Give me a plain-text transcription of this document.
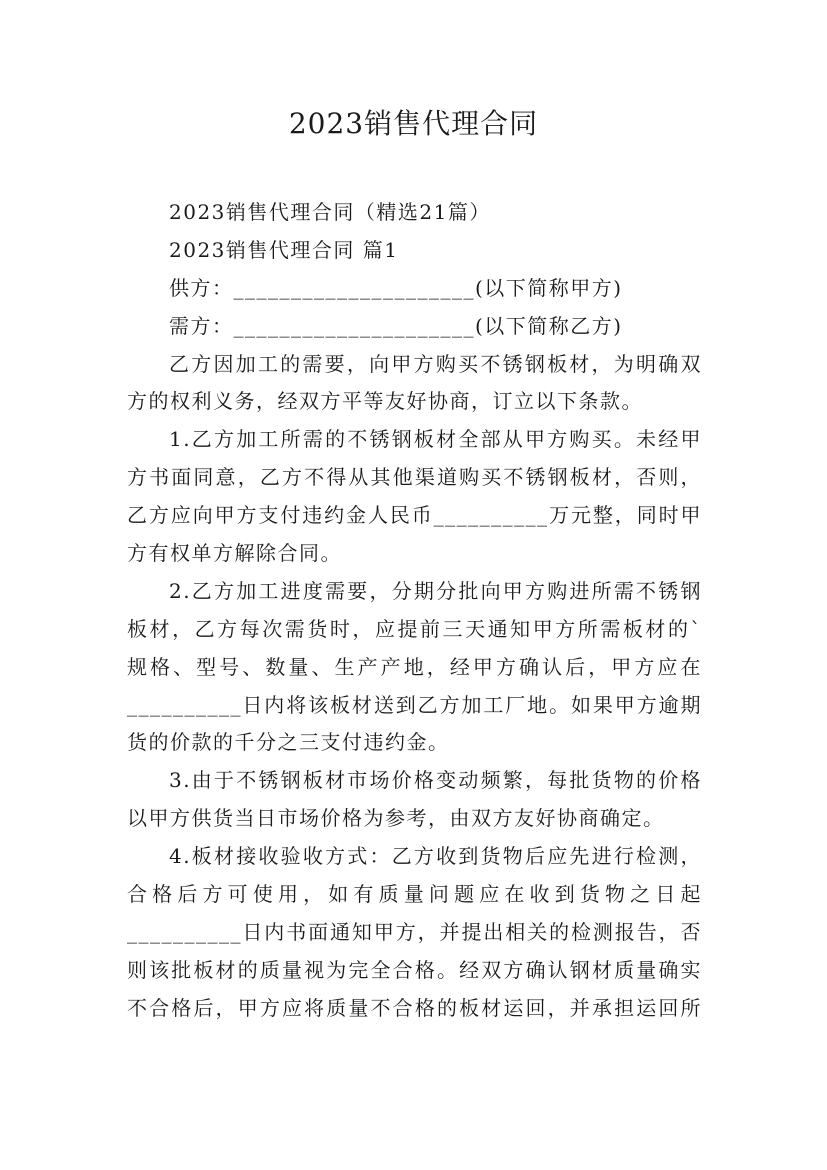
2023销售代理合同

2023销售代理合同（精选21篇）

2023销售代理合同 篇1

供方：_____________________(以下简称甲方)

需方：_____________________(以下简称乙方)

乙方因加工的需要，向甲方购买不锈钢板材，为明确双

方的权利义务，经双方平等友好协商，订立以下条款。

1.乙方加工所需的不锈钢板材全部从甲方购买。未经甲

方书面同意，乙方不得从其他渠道购买不锈钢板材，否则，

乙方应向甲方支付违约金人民币__________万元整，同时甲

方有权单方解除合同。

2.乙方加工进度需要，分期分批向甲方购进所需不锈钢

板材，乙方每次需货时，应提前三天通知甲方所需板材的`

规格、型号、数量、生产产地，经甲方确认后，甲方应在

__________日内将该板材送到乙方加工厂地。如果甲方逾期

货的价款的千分之三支付违约金。

3.由于不锈钢板材市场价格变动频繁，每批货物的价格

以甲方供货当日市场价格为参考，由双方友好协商确定。

4.板材接收验收方式：乙方收到货物后应先进行检测，

合格后方可使用，如有质量问题应在收到货物之日起

__________日内书面通知甲方，并提出相关的检测报告，否

则该批板材的质量视为完全合格。经双方确认钢材质量确实

不合格后，甲方应将质量不合格的板材运回，并承担运回所
